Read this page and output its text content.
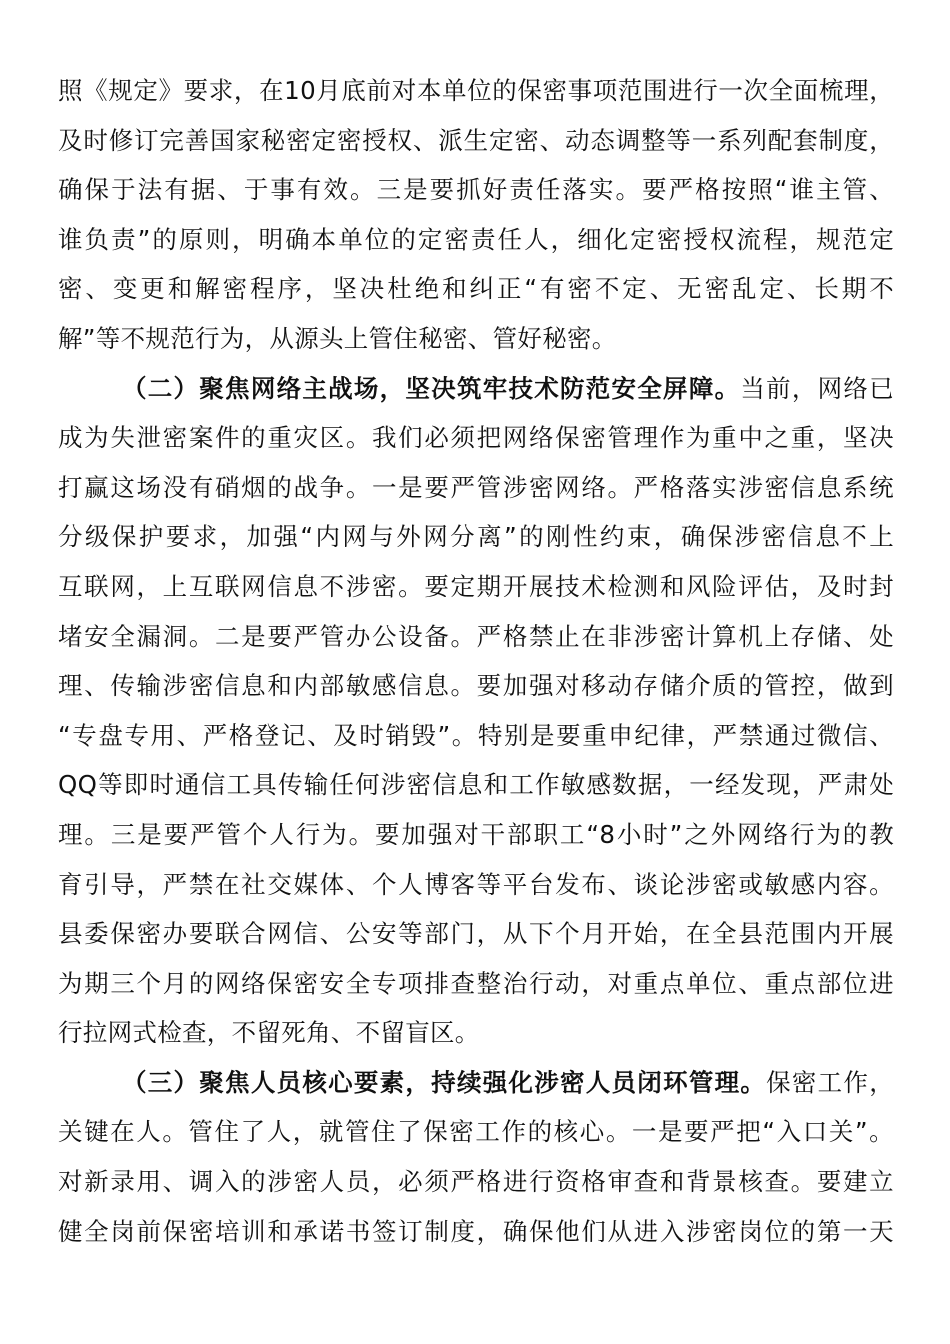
照《规定》要求，在10月底前对本单位的保密事项范围进行一次全面梳理，
及时修订完善国家秘密定密授权、派生定密、动态调整等一系列配套制度，
确保于法有据、于事有效。三是要抓好责任落实。要严格按照“谁主管、
谁负责”的原则，明确本单位的定密责任人，细化定密授权流程，规范定
密、变更和解密程序，坚决杜绝和纠正“有密不定、无密乱定、长期不
解”等不规范行为，从源头上管住秘密、管好秘密。
（二）聚焦网络主战场，坚决筑牢技术防范安全屏障。当前，网络已
成为失泄密案件的重灾区。我们必须把网络保密管理作为重中之重，坚决
打赢这场没有硝烟的战争。一是要严管涉密网络。严格落实涉密信息系统
分级保护要求，加强“内网与外网分离”的刚性约束，确保涉密信息不上
互联网，上互联网信息不涉密。要定期开展技术检测和风险评估，及时封
堵安全漏洞。二是要严管办公设备。严格禁止在非涉密计算机上存储、处
理、传输涉密信息和内部敏感信息。要加强对移动存储介质的管控，做到
“专盘专用、严格登记、及时销毁”。特别是要重申纪律，严禁通过微信、
QQ等即时通信工具传输任何涉密信息和工作敏感数据，一经发现，严肃处
理。三是要严管个人行为。要加强对干部职工“8小时”之外网络行为的教
育引导，严禁在社交媒体、个人博客等平台发布、谈论涉密或敏感内容。
县委保密办要联合网信、公安等部门，从下个月开始，在全县范围内开展
为期三个月的网络保密安全专项排查整治行动，对重点单位、重点部位进
行拉网式检查，不留死角、不留盲区。
（三）聚焦人员核心要素，持续强化涉密人员闭环管理。保密工作，
关键在人。管住了人，就管住了保密工作的核心。一是要严把“入口关”。
对新录用、调入的涉密人员，必须严格进行资格审查和背景核查。要建立
健全岗前保密培训和承诺书签订制度，确保他们从进入涉密岗位的第一天
